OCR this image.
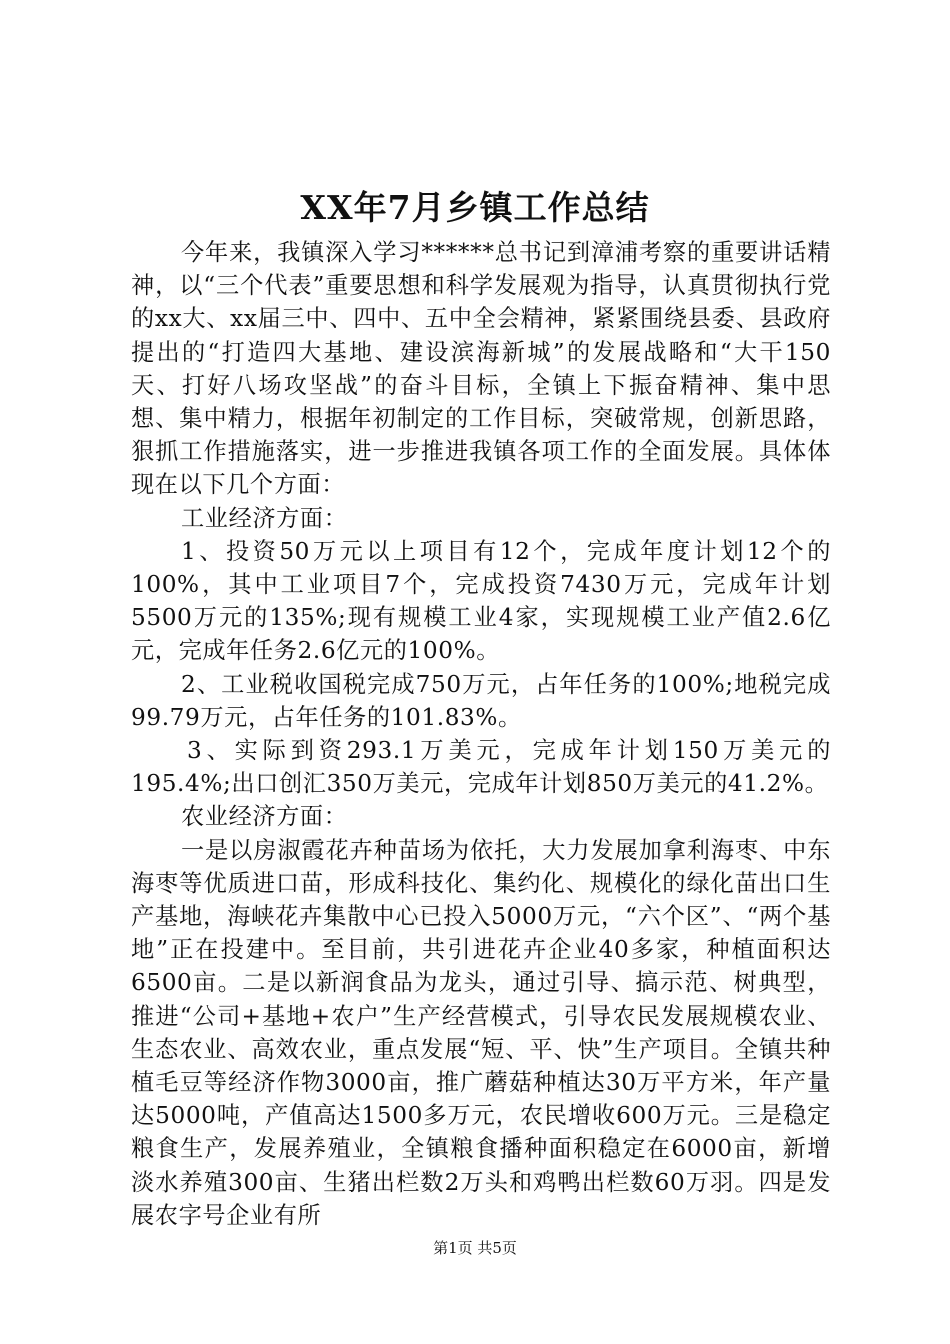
XX年7月乡镇工作总结

今年来，我镇深入学习******总书记到漳浦考察的重要讲话精神，以“三个代表”重要思想和科学发展观为指导，认真贯彻执行党的xx大、xx届三中、四中、五中全会精神，紧紧围绕县委、县政府提出的“打造四大基地、建设滨海新城”的发展战略和“大干150天、打好八场攻坚战”的奋斗目标，全镇上下振奋精神、集中思想、集中精力，根据年初制定的工作目标，突破常规，创新思路，狠抓工作措施落实，进一步推进我镇各项工作的全面发展。具体体现在以下几个方面：

工业经济方面：

1、投资50万元以上项目有12个，完成年度计划12个的100%，其中工业项目7个，完成投资7430万元，完成年计划5500万元的135%;现有规模工业4家，实现规模工业产值2.6亿元，完成年任务2.6亿元的100%。

2、工业税收国税完成750万元，占年任务的100%;地税完成99.79万元，占年任务的101.83%。

3、实际到资293.1万美元，完成年计划150万美元的195.4%;出口创汇350万美元，完成年计划850万美元的41.2%。

农业经济方面：

一是以房淑霞花卉种苗场为依托，大力发展加拿利海枣、中东海枣等优质进口苗，形成科技化、集约化、规模化的绿化苗出口生产基地，海峡花卉集散中心已投入5000万元，“六个区”、“两个基地”正在投建中。至目前，共引进花卉企业40多家，种植面积达6500亩。二是以新润食品为龙头，通过引导、搞示范、树典型，推进“公司+基地+农户”生产经营模式，引导农民发展规模农业、生态农业、高效农业，重点发展“短、平、快”生产项目。全镇共种植毛豆等经济作物3000亩，推广蘑菇种植达30万平方米，年产量达5000吨，产值高达1500多万元，农民增收600万元。三是稳定粮食生产，发展养殖业，全镇粮食播种面积稳定在6000亩，新增淡水养殖300亩、生猪出栏数2万头和鸡鸭出栏数60万羽。四是发展农字号企业有所

第1页 共5页
